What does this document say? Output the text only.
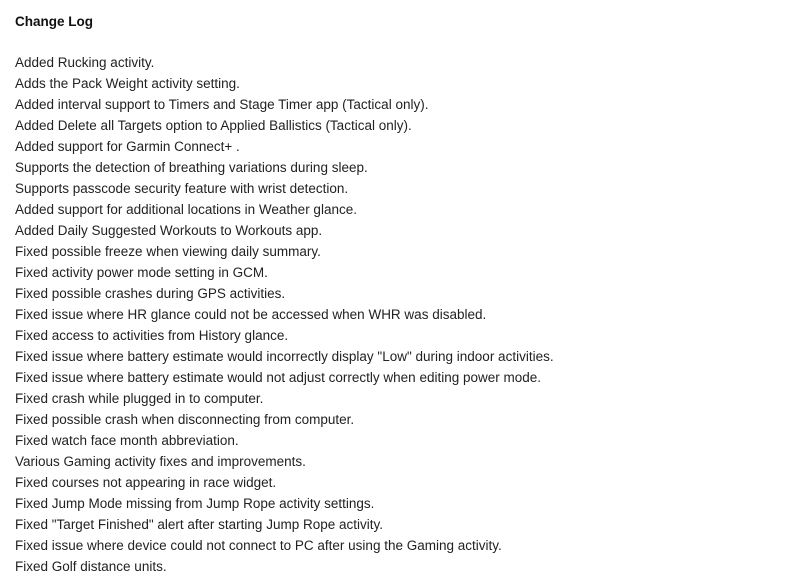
Change Log
Added Rucking activity.
Adds the Pack Weight activity setting.
Added interval support to Timers and Stage Timer app (Tactical only).
Added Delete all Targets option to Applied Ballistics (Tactical only).
Added support for Garmin Connect+ .
Supports the detection of breathing variations during sleep.
Supports passcode security feature with wrist detection.
Added support for additional locations in Weather glance.
Added Daily Suggested Workouts to Workouts app.
Fixed possible freeze when viewing daily summary.
Fixed activity power mode setting in GCM.
Fixed possible crashes during GPS activities.
Fixed issue where HR glance could not be accessed when WHR was disabled.
Fixed access to activities from History glance.
Fixed issue where battery estimate would incorrectly display "Low" during indoor activities.
Fixed issue where battery estimate would not adjust correctly when editing power mode.
Fixed crash while plugged in to computer.
Fixed possible crash when disconnecting from computer.
Fixed watch face month abbreviation.
Various Gaming activity fixes and improvements.
Fixed courses not appearing in race widget.
Fixed Jump Mode missing from Jump Rope activity settings.
Fixed "Target Finished" alert after starting Jump Rope activity.
Fixed issue where device could not connect to PC after using the Gaming activity.
Fixed Golf distance units.
